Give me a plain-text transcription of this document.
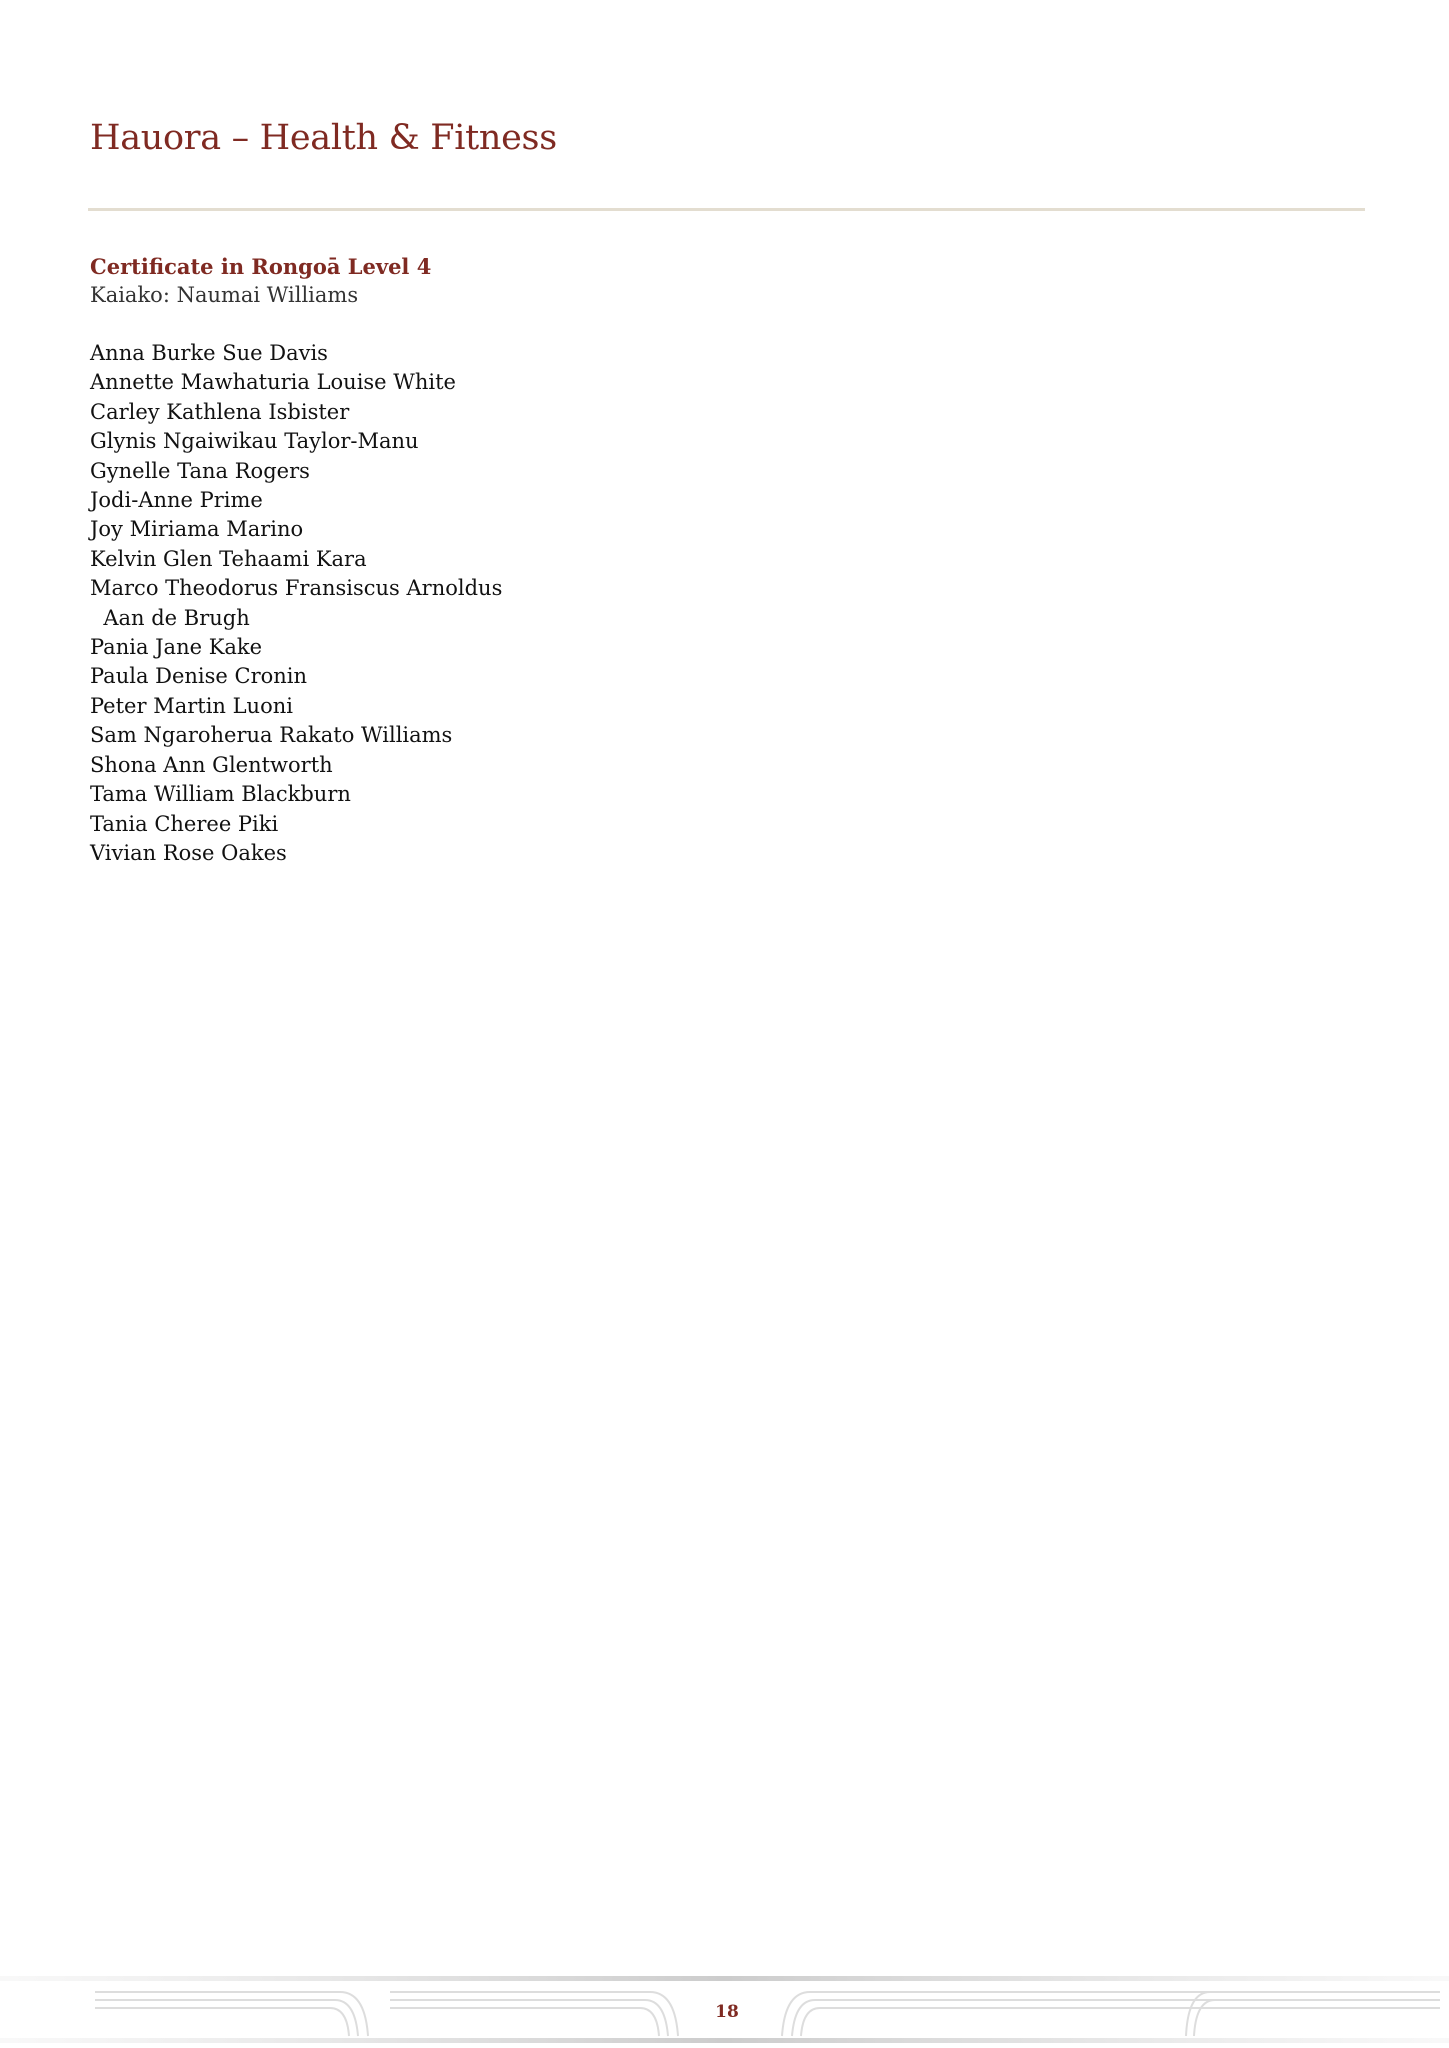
Hauora – Health & Fitness
Certificate in Rongoā Level 4
Kaiako: Naumai Williams
Anna Burke Sue Davis
Annette Mawhaturia Louise White
Carley Kathlena Isbister
Glynis Ngaiwikau Taylor-Manu
Gynelle Tana Rogers
Jodi-Anne Prime
Joy Miriama Marino
Kelvin Glen Tehaami Kara
Marco Theodorus Fransiscus Arnoldus
Aan de Brugh
Pania Jane Kake
Paula Denise Cronin
Peter Martin Luoni
Sam Ngaroherua Rakato Williams
Shona Ann Glentworth
Tama William Blackburn
Tania Cheree Piki
Vivian Rose Oakes
18
